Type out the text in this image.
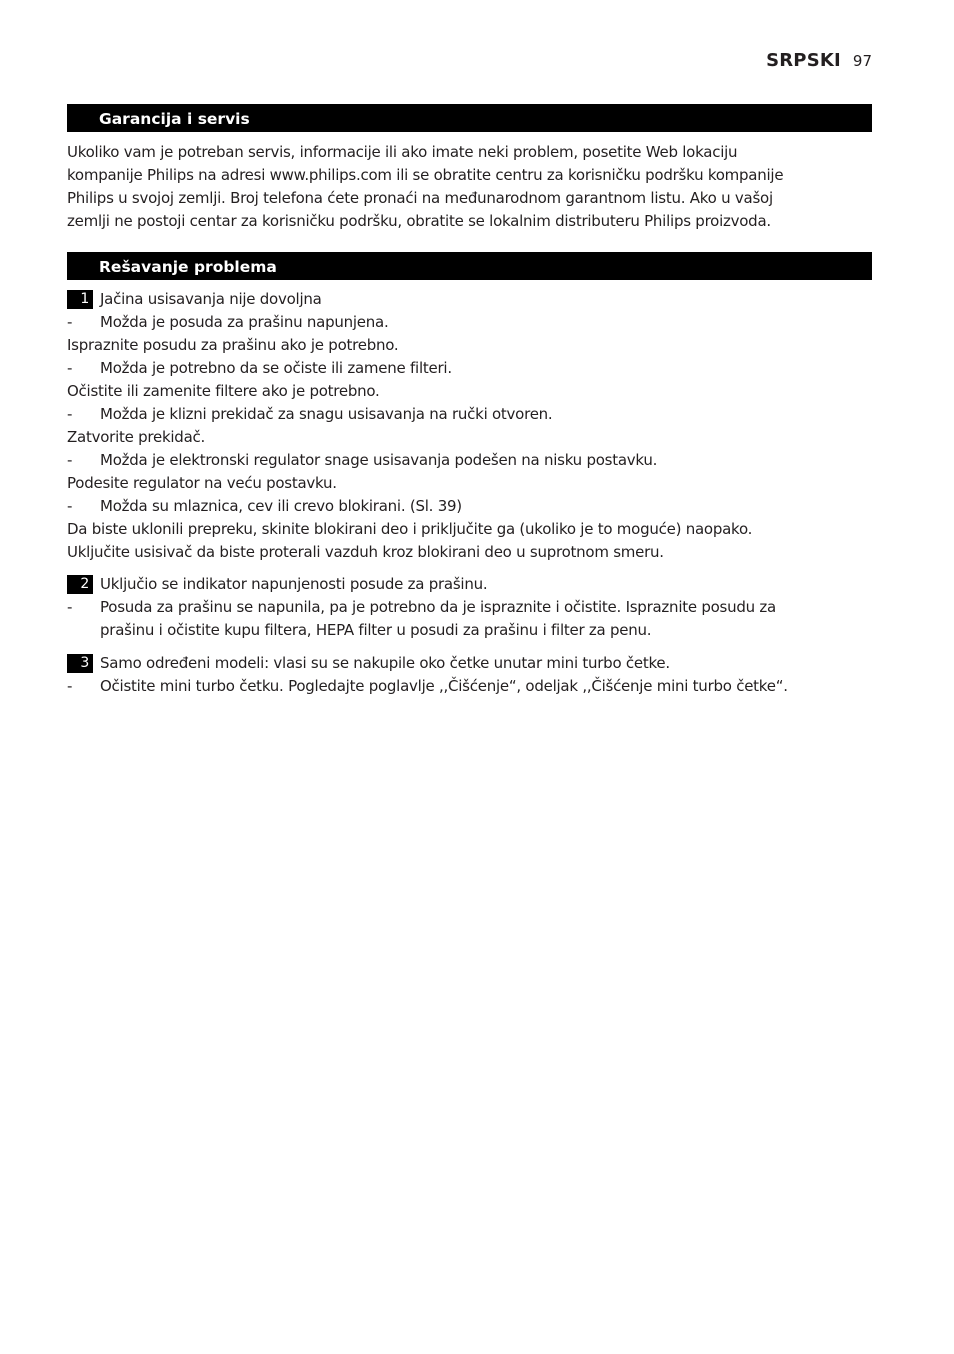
SRPSKI 97
Garancija i servis
Ukoliko vam je potreban servis, informacije ili ako imate neki problem, posetite Web lokaciju
kompanije Philips na adresi www.philips.com ili se obratite centru za korisničku podršku kompanije
Philips u svojoj zemlji. Broj telefona ćete pronaći na međunarodnom garantnom listu. Ako u vašoj
zemlji ne postoji centar za korisničku podršku, obratite se lokalnim distributeru Philips proizvoda.
Rešavanje problema
1 Jačina usisavanja nije dovoljna
-	Možda je posuda za prašinu napunjena.
Ispraznite posudu za prašinu ako je potrebno.
-	Možda je potrebno da se očiste ili zamene filteri.
Očistite ili zamenite filtere ako je potrebno.
-	Možda je klizni prekidač za snagu usisavanja na ručki otvoren.
Zatvorite prekidač.
-	Možda je elektronski regulator snage usisavanja podešen na nisku postavku.
Podesite regulator na veću postavku.
-	Možda su mlaznica, cev ili crevo blokirani. (Sl. 39)
Da biste uklonili prepreku, skinite blokirani deo i priključite ga (ukoliko je to moguće) naopako.
Uključite usisivač da biste proterali vazduh kroz blokirani deo u suprotnom smeru.
2 Uključio se indikator napunjenosti posude za prašinu.
-	Posuda za prašinu se napunila, pa je potrebno da je ispraznite i očistite. Ispraznite posudu za
prašinu i očistite kupu filtera, HEPA filter u posudi za prašinu i filter za penu.
3 Samo određeni modeli: vlasi su se nakupile oko četke unutar mini turbo četke.
-	Očistite mini turbo četku. Pogledajte poglavlje ,,Čišćenje“, odeljak ,,Čišćenje mini turbo četke“.
